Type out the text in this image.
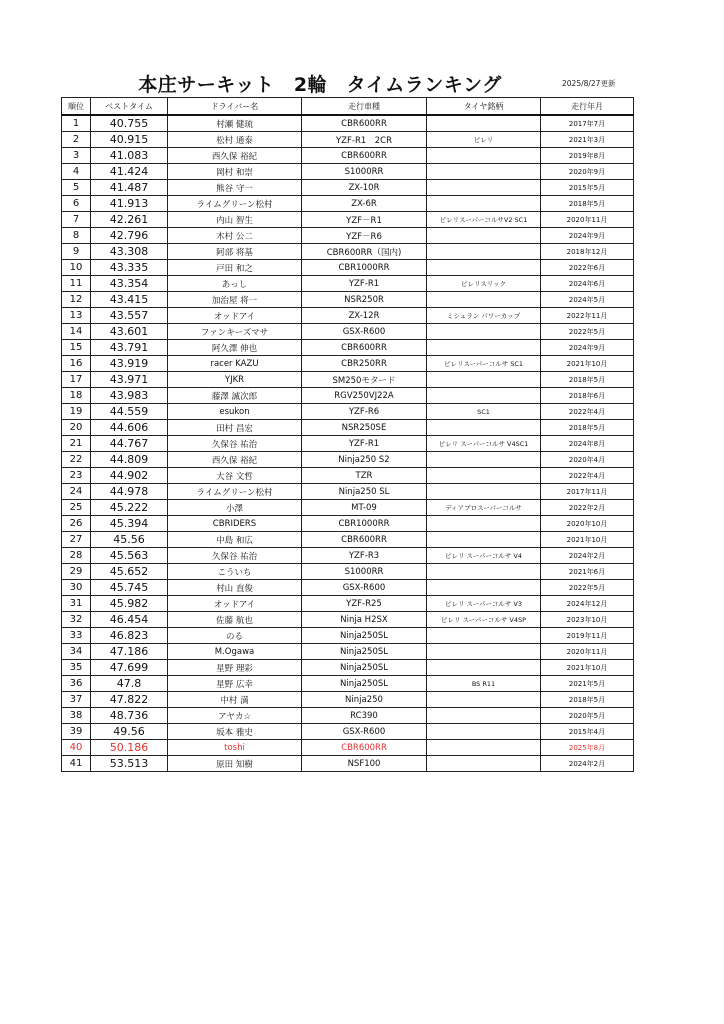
本庄サーキット　2輪　タイムランキング	2025/8/27更新
順位	ベストタイム	ドライバー名	走行車種	タイヤ銘柄	走行年月
1	40.755	村瀬 健琉	CBR600RR		2017年7月
2	40.915	松村 通泰	YZF-R1　2CR	ピレリ	2021年3月
3	41.083	西久保 裕紀	CBR600RR		2019年8月
4	41.424	岡村 和崇	S1000RR		2020年9月
5	41.487	熊谷 守一	ZX-10R		2015年5月
6	41.913	ライムグリーン松村	ZX-6R		2018年5月
7	42.261	内山 智生	YZF－R1	ピレリスーパーコルサV2 SC1	2020年11月
8	42.796	木村 公二	YZF－R6		2024年9月
9	43.308	阿部 将基	CBR600RR（国内)		2018年12月
10	43.335	戸田 和之	CBR1000RR		2022年6月
11	43.354	あっし	YZF-R1	ピレリスリック	2024年6月
12	43.415	加治屋 将一	NSR250R		2024年5月
13	43.557	オッドアイ	ZX-12R	ミシュラン パワーカップ	2022年11月
14	43.601	ファンキーズマサ	GSX-R600		2022年5月
15	43.791	阿久澤 伸也	CBR600RR		2024年9月
16	43.919	racer KAZU	CBR250RR	ピレリスーパーコルサ SC1	2021年10月
17	43.971	YJKR	SM250モタード		2018年5月
18	43.983	藤澤 誠次郎	RGV250VJ22A		2018年6月
19	44.559	esukon	YZF-R6	SC1	2022年4月
20	44.606	田村 昌宏	NSR250SE		2018年5月
21	44.767	久保谷 祐治	YZF-R1	ピレリ スーパーコルサ V4SC1	2024年8月
22	44.809	西久保 裕紀	Ninja250 S2		2020年4月
23	44.902	大谷 文哲	TZR		2022年4月
24	44.978	ライムグリーン松村	Ninja250 SL		2017年11月
25	45.222	小澤	MT-09	ディアブロスーパーコルサ	2022年2月
26	45.394	CBRIDERS	CBR1000RR		2020年10月
27	45.56	中島 和広	CBR600RR		2021年10月
28	45.563	久保谷 祐治	YZF-R3	ピレリ スーパーコルサ V4	2024年2月
29	45.652	こういち	S1000RR		2021年6月
30	45.745	村山 直俊	GSX-R600		2022年5月
31	45.982	オッドアイ	YZF-R25	ピレリ スーパーコルサ V3	2024年12月
32	46.454	佐藤 航也	Ninja H2SX	ピレリ スーパーコルサ V4SP	2023年10月
33	46.823	のる	Ninja250SL		2019年11月
34	47.186	M.Ogawa	Ninja250SL		2020年11月
35	47.699	星野 理彩	Ninja250SL		2021年10月
36	47.8	星野 広幸	Ninja250SL	BS R11	2021年5月
37	47.822	中村 満	Ninja250		2018年5月
38	48.736	アヤカ☆	RC390		2020年5月
39	49.56	坂本 雅史	GSX-R600		2015年4月
40	50.186	toshi	CBR600RR		2025年8月
41	53.513	原田 知樹	NSF100		2024年2月
